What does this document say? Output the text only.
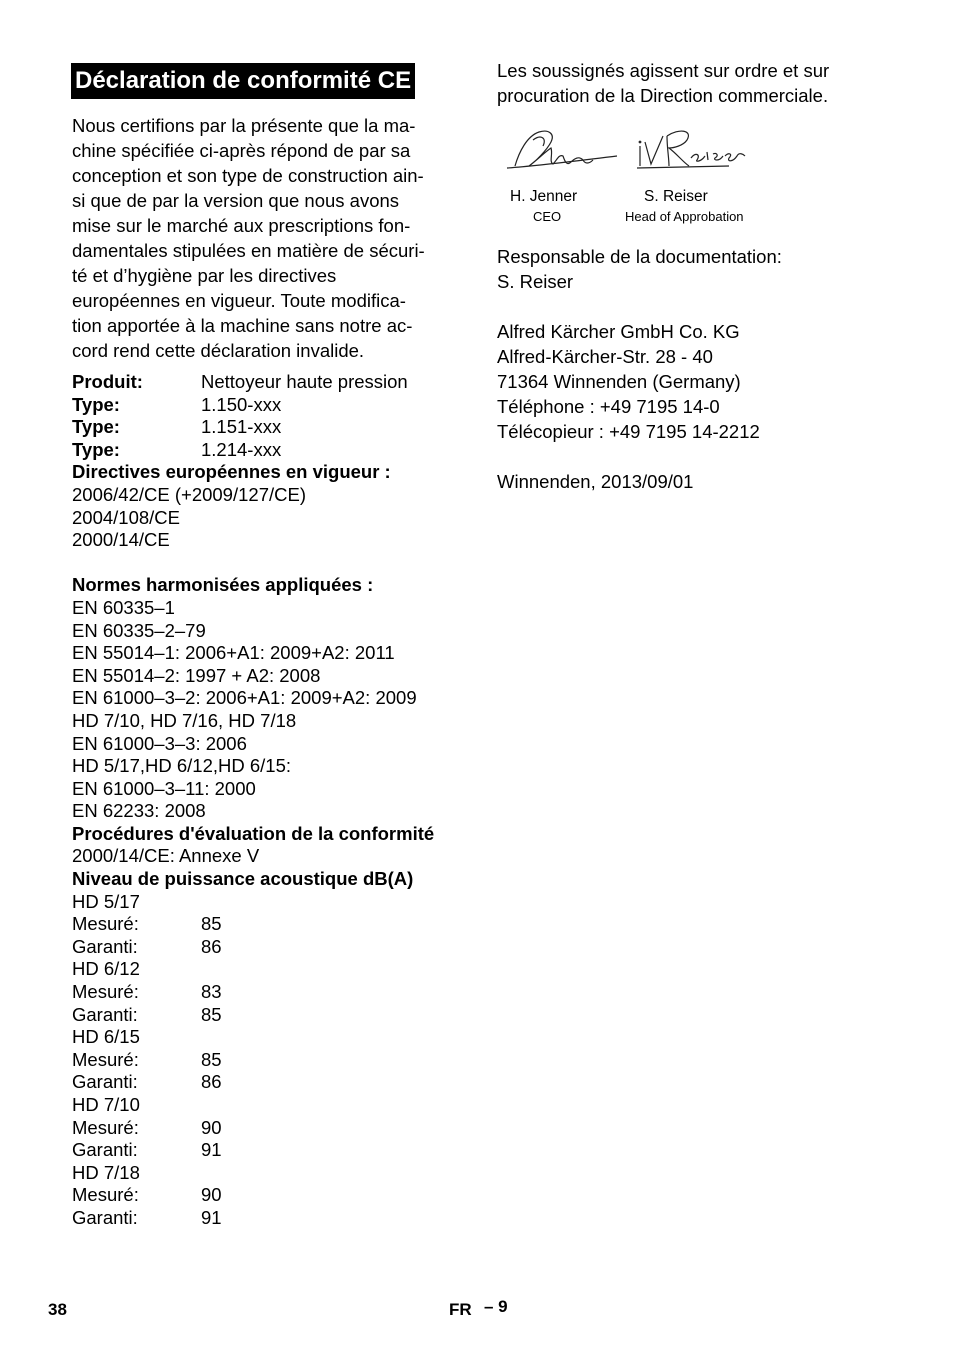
Déclaration de conformité CE
Nous certifions par la présente que la ma-
chine spécifiée ci-après répond de par sa
conception et son type de construction ain-
si que de par la version que nous avons
mise sur le marché aux prescriptions fon-
damentales stipulées en matière de sécuri-
té et d’hygiène par les directives
européennes en vigueur. Toute modifica-
tion apportée à la machine sans notre ac-
cord rend cette déclaration invalide.
Produit:	Nettoyeur haute pression
Type:	1.150-xxx
Type:	1.151-xxx
Type:	1.214-xxx
Directives européennes en vigueur :
2006/42/CE (+2009/127/CE)
2004/108/CE
2000/14/CE
Normes harmonisées appliquées :
EN 60335–1
EN 60335–2–79
EN 55014–1: 2006+A1: 2009+A2: 2011
EN 55014–2: 1997 + A2: 2008
EN 61000–3–2: 2006+A1: 2009+A2: 2009
HD 7/10, HD 7/16, HD 7/18
EN 61000–3–3: 2006
HD 5/17,HD 6/12,HD 6/15:
EN 61000–3–11: 2000
EN 62233: 2008
Procédures d'évaluation de la conformité
2000/14/CE: Annexe V
Niveau de puissance acoustique dB(A)
HD 5/17
Mesuré:	85
Garanti:	86
HD 6/12
Mesuré:	83
Garanti:	85
HD 6/15
Mesuré:	85
Garanti:	86
HD 7/10
Mesuré:	90
Garanti:	91
HD 7/18
Mesuré:	90
Garanti:	91
Les soussignés agissent sur ordre et sur
procuration de la Direction commerciale.
H. Jenner
CEO
S. Reiser
Head of Approbation
Responsable de la documentation:
S. Reiser
Alfred Kärcher GmbH Co. KG
Alfred-Kärcher-Str. 28 - 40
71364 Winnenden (Germany)
Téléphone : +49 7195 14-0
Télécopieur : +49 7195 14-2212
Winnenden, 2013/09/01
38	FR – 9
